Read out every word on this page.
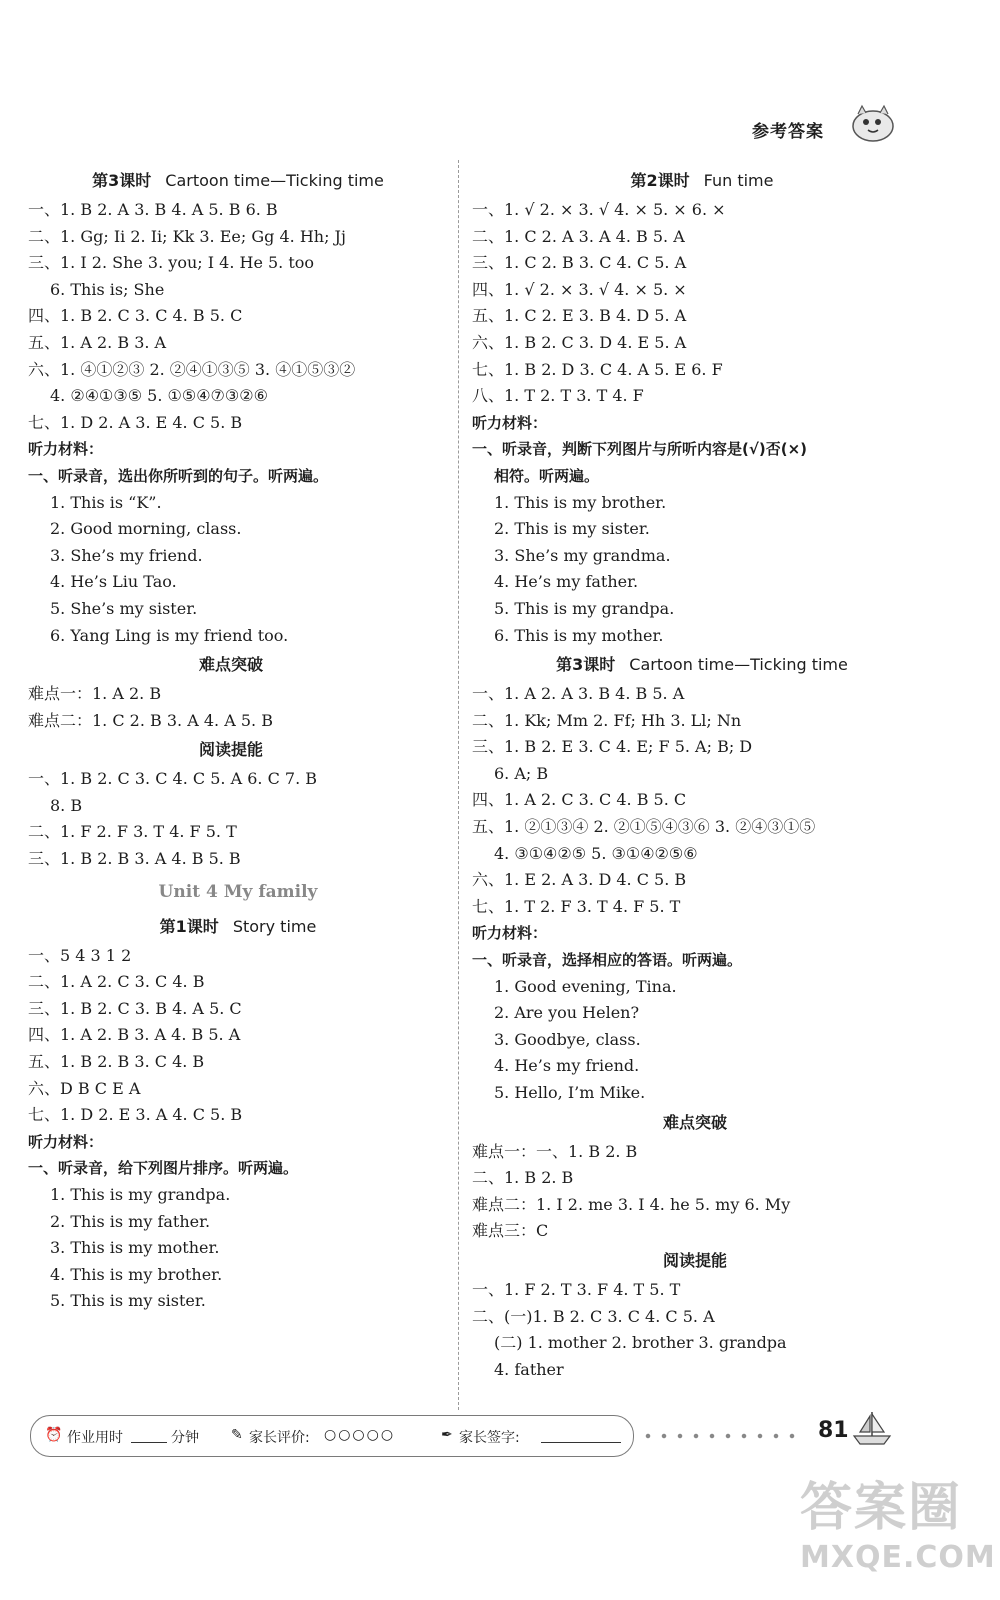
参考答案
第3课时 Cartoon time—Ticking time
一、1. B 2. A 3. B 4. A 5. B 6. B
二、1. Gg; Ii 2. Ii; Kk 3. Ee; Gg 4. Hh; Jj
三、1. I 2. She 3. you; I 4. He 5. too
6. This is; She
四、1. B 2. C 3. C 4. B 5. C
五、1. A 2. B 3. A
六、1. ④①②③ 2. ②④①③⑤ 3. ④①⑤③②
4. ②④①③⑤ 5. ①⑤④⑦③②⑥
七、1. D 2. A 3. E 4. C 5. B
听力材料：
一、听录音，选出你所听到的句子。听两遍。
1. This is “K”.
2. Good morning, class.
3. She’s my friend.
4. He’s Liu Tao.
5. She’s my sister.
6. Yang Ling is my friend too.
难点突破
难点一：1. A 2. B
难点二：1. C 2. B 3. A 4. A 5. B
阅读提能
一、1. B 2. C 3. C 4. C 5. A 6. C 7. B
8. B
二、1. F 2. F 3. T 4. F 5. T
三、1. B 2. B 3. A 4. B 5. B
Unit 4 My family
第1课时 Story time
一、5 4 3 1 2
二、1. A 2. C 3. C 4. B
三、1. B 2. C 3. B 4. A 5. C
四、1. A 2. B 3. A 4. B 5. A
五、1. B 2. B 3. C 4. B
六、D B C E A
七、1. D 2. E 3. A 4. C 5. B
听力材料：
一、听录音，给下列图片排序。听两遍。
1. This is my grandpa.
2. This is my father.
3. This is my mother.
4. This is my brother.
5. This is my sister.
第2课时 Fun time
一、1. √ 2. × 3. √ 4. × 5. × 6. ×
二、1. C 2. A 3. A 4. B 5. A
三、1. C 2. B 3. C 4. C 5. A
四、1. √ 2. × 3. √ 4. × 5. ×
五、1. C 2. E 3. B 4. D 5. A
六、1. B 2. C 3. D 4. E 5. A
七、1. B 2. D 3. C 4. A 5. E 6. F
八、1. T 2. T 3. T 4. F
听力材料：
一、听录音，判断下列图片与所听内容是(√)否(×)
相符。听两遍。
1. This is my brother.
2. This is my sister.
3. She’s my grandma.
4. He’s my father.
5. This is my grandpa.
6. This is my mother.
第3课时 Cartoon time—Ticking time
一、1. A 2. A 3. B 4. B 5. A
二、1. Kk; Mm 2. Ff; Hh 3. Ll; Nn
三、1. B 2. E 3. C 4. E; F 5. A; B; D
6. A; B
四、1. A 2. C 3. C 4. B 5. C
五、1. ②①③④ 2. ②①⑤④③⑥ 3. ②④③①⑤
4. ③①④②⑤ 5. ③①④②⑤⑥
六、1. E 2. A 3. D 4. C 5. B
七、1. T 2. F 3. T 4. F 5. T
听力材料：
一、听录音，选择相应的答语。听两遍。
1. Good evening, Tina.
2. Are you Helen?
3. Goodbye, class.
4. He’s my friend.
5. Hello, I’m Mike.
难点突破
难点一：一、1. B 2. B
二、1. B 2. B
难点二：1. I 2. me 3. I 4. he 5. my 6. My
难点三：C
阅读提能
一、1. F 2. T 3. F 4. T 5. T
二、(一)1. B 2. C 3. C 4. C 5. A
(二) 1. mother 2. brother 3. grandpa
4. father
⏰ 作业用时	分钟 ✎ 家长评价: ○○○○○	✒ 家长签字:	81
答案圈
MXQE.COM
